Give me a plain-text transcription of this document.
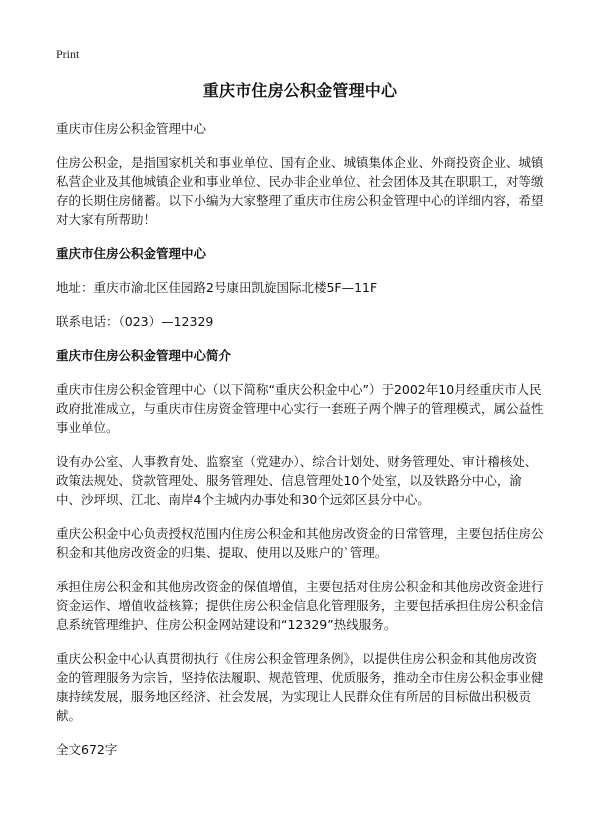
Print
重庆市住房公积金管理中心

重庆市住房公积金管理中心

住房公积金，是指国家机关和事业单位、国有企业、城镇集体企业、外商投资企业、城镇私营企业及其他城镇企业和事业单位、民办非企业单位、社会团体及其在职职工，对等缴存的长期住房储蓄。以下小编为大家整理了重庆市住房公积金管理中心的详细内容，希望对大家有所帮助！

重庆市住房公积金管理中心

地址：重庆市渝北区佳园路2号康田凯旋国际北楼5F—11F

联系电话：（023）—12329

重庆市住房公积金管理中心简介

重庆市住房公积金管理中心（以下简称“重庆公积金中心”）于2002年10月经重庆市人民政府批准成立，与重庆市住房资金管理中心实行一套班子两个牌子的管理模式，属公益性事业单位。

设有办公室、人事教育处、监察室（党建办）、综合计划处、财务管理处、审计稽核处、政策法规处、贷款管理处、服务管理处、信息管理处10个处室，以及铁路分中心，渝中、沙坪坝、江北、南岸4个主城内办事处和30个远郊区县分中心。

重庆公积金中心负责授权范围内住房公积金和其他房改资金的日常管理，主要包括住房公积金和其他房改资金的归集、提取、使用以及账户的`管理。

承担住房公积金和其他房改资金的保值增值，主要包括对住房公积金和其他房改资金进行资金运作、增值收益核算；提供住房公积金信息化管理服务，主要包括承担住房公积金信息系统管理维护、住房公积金网站建设和“12329”热线服务。

重庆公积金中心认真贯彻执行《住房公积金管理条例》，以提供住房公积金和其他房改资金的管理服务为宗旨，坚持依法履职、规范管理、优质服务，推动全市住房公积金事业健康持续发展，服务地区经济、社会发展，为实现让人民群众住有所居的目标做出积极贡献。

全文672字
